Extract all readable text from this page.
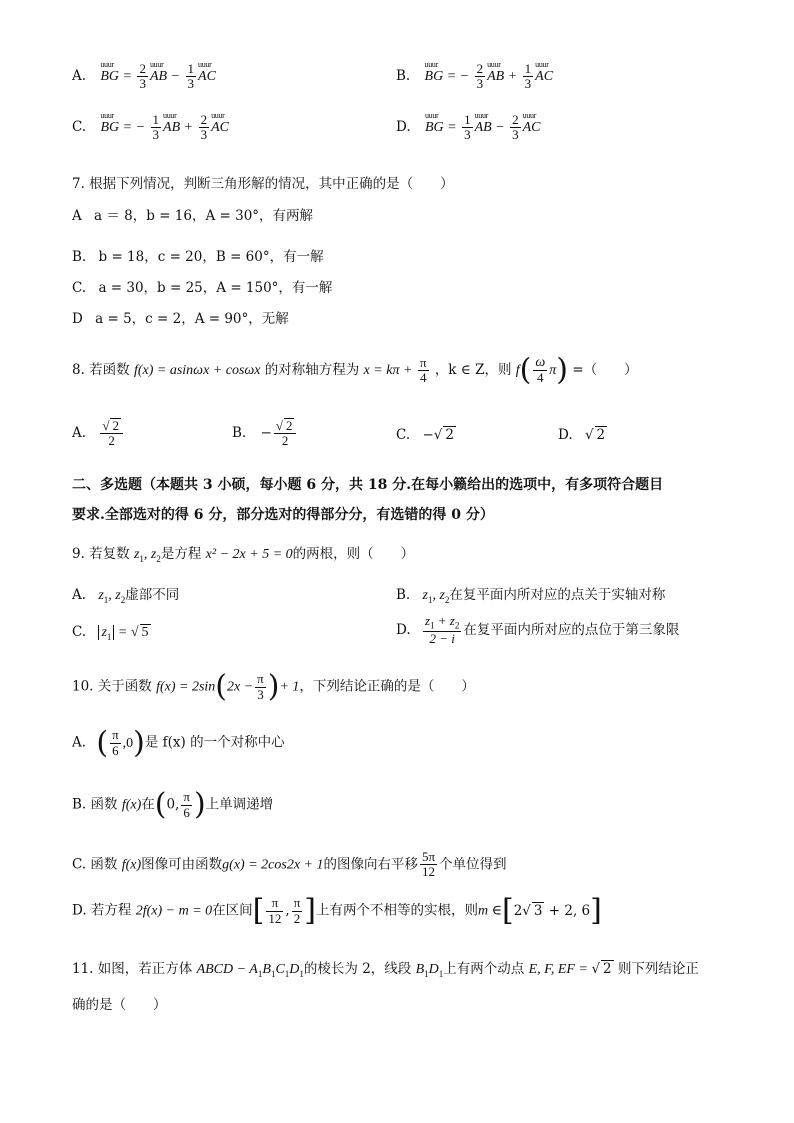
A. uuur BG = $\frac{2}{3}$ uuur AB − $\frac{1}{3}$ uuur AC	B. uuur BG = − $\frac{2}{3}$ uuur AB + $\frac{1}{3}$ uuur AC
C. uuur BG = − $\frac{1}{3}$ uuur AB + $\frac{2}{3}$ uuur AC	D. uuur BG = $\frac{1}{3}$ uuur AB − $\frac{2}{3}$ uuur AC
7. 根据下列情况，判断三角形解的情况，其中正确的是（　　）
A a ＝ 8，b = 16，A = 30°，有两解
B. b = 18，c = 20，B = 60°，有一解
C. a = 30，b = 25，A = 150°，有一解
D a = 5，c = 2，A = 90°，无解
8. 若函数 f(x) = asinωx + cosωx 的对称轴方程为 $x = k\pi + \frac{\pi}{4}$ ，k ∈ Z，则 $f( \frac{\omega}{4} \pi)$ =（　　）
A. $\frac{√ 2}{2}$	B. − $\frac{√ 2}{2}$	C. −√ 2	D. √ 2
二、多选题（本题共 3 小硕，每小题 6 分，共 18 分.在每小籁给出的选项中，有多项符合题目
要求.全部选对的得 6 分，部分选对的得部分分，有选错的得 0 分）
9. 若复数 $z_1$, $z_2$是方程 x² − 2x + 5 = 0的两根，则（　　）
A. $z_1$, $z_2$虚部不同	B. $z_1$, $z_2$在复平面内所对应的点关于实轴对称
C. $z_1$ = √ 5	D. $\frac{z_1 + z_2}{2 - i}$ 在复平面内所对应的点位于第三象限
10. 关于函数 $f(x) = 2\sin(2x - \frac{\pi}{3}$ )+ 1，下列结论正确的是（　　）
A. ( $\frac{\pi}{6} ,0$)是 f(x) 的一个对称中心
B. 函数 f(x)在(0, $\frac{\pi}{6}$ )上单调递增
C. 函数 f(x)图像可由函数g(x) = 2cos2x + 1的图像向右平移 $\frac{5\pi}{12}$ 个单位得到
D. 若方程 2f(x) − m = 0在区间[ $\frac{\pi}{12}$ , $\frac{\pi}{2}$ ]上有两个不相等的实根，则m ∈[2√ 3 + 2, 6]
11. 如图，若正方体 ABCD − $A_1B_1C_1D_1$的棱长为 2，线段 $B_1D_1$上有两个动点 E, F, EF = √ 2 则下列结论正
确的是（　　）
